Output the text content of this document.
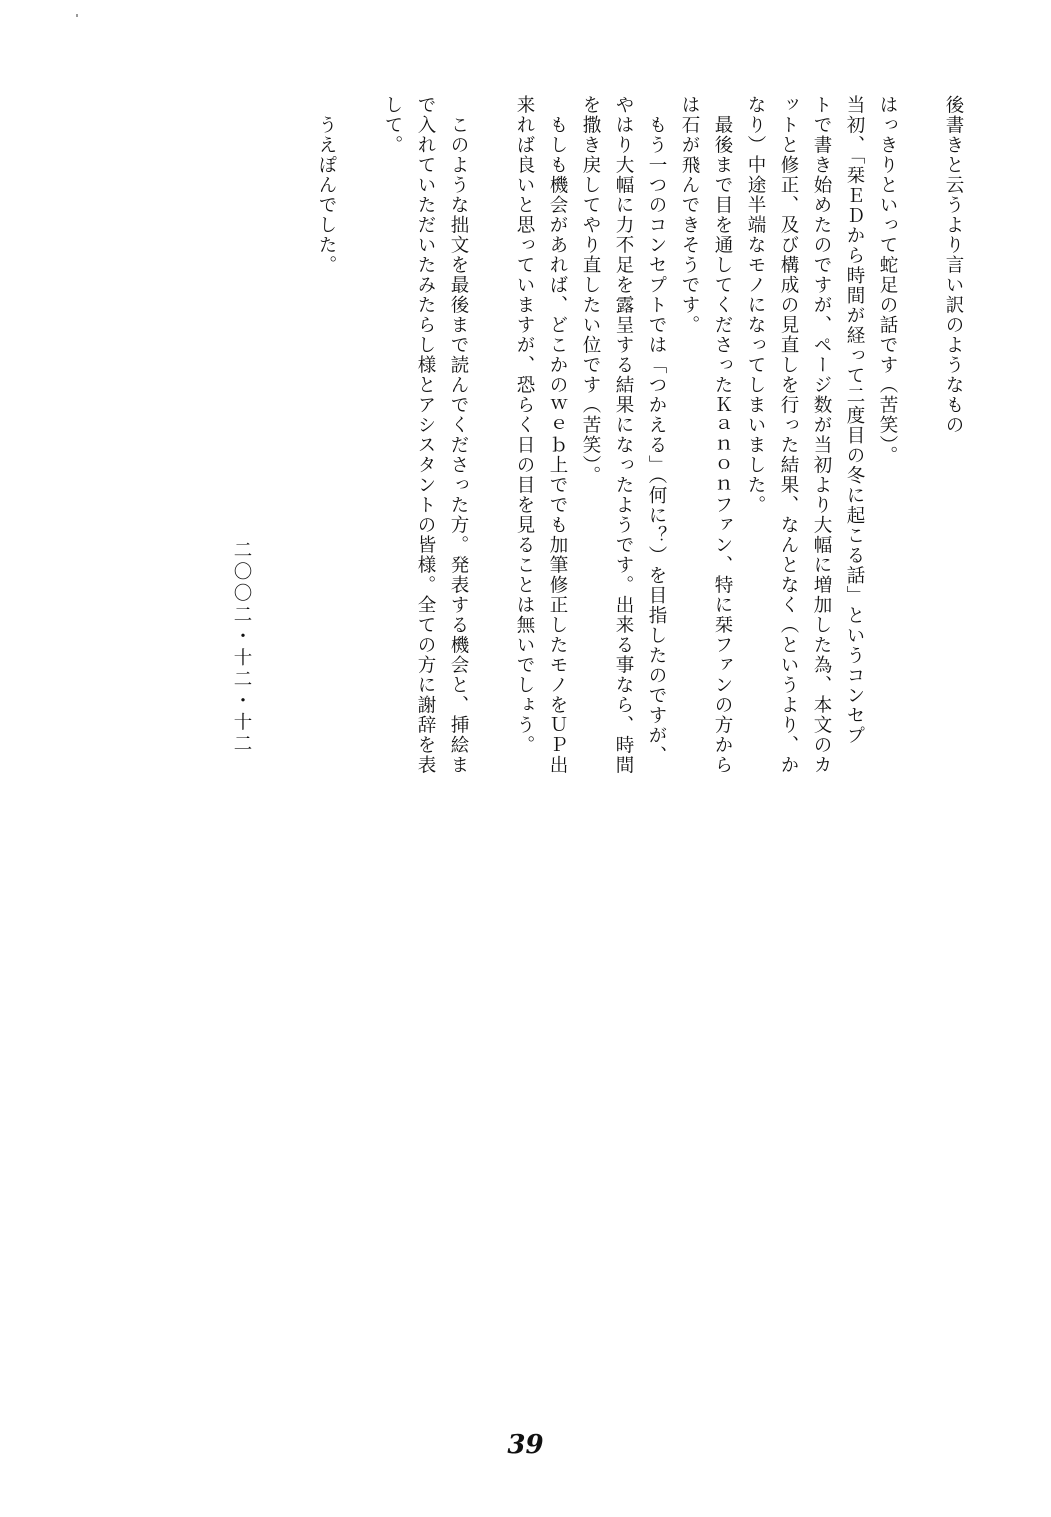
後書きと云うより言い訳のようなもの
はっきりといって蛇足の話です（苦笑）。
当初、「栞ＥＤから時間が経って二度目の冬に起こる話」というコンセプ
トで書き始めたのですが、ページ数が当初より大幅に増加した為、本文のカ
ットと修正、及び構成の見直しを行った結果、なんとなく（というより、か
なり）中途半端なモノになってしまいました。
　最後まで目を通してくださったＫａｎｏｎファン、特に栞ファンの方から
は石が飛んできそうです。
　もう一つのコンセプトでは「つかえる」（何に？）を目指したのですが、
やはり大幅に力不足を露呈する結果になったようです。出来る事なら、時間
を撒き戻してやり直したい位です（苦笑）。
　もしも機会があれば、どこかのｗｅｂ上ででも加筆修正したモノをＵＰ出
来れば良いと思っていますが、恐らく日の目を見ることは無いでしょう。
　このような拙文を最後まで読んでくださった方。発表する機会と、挿絵ま
で入れていただいたみたらし様とアシスタントの皆様。全ての方に謝辞を表
して。
　うえぽんでした。
二〇〇二・十二・十二
39
